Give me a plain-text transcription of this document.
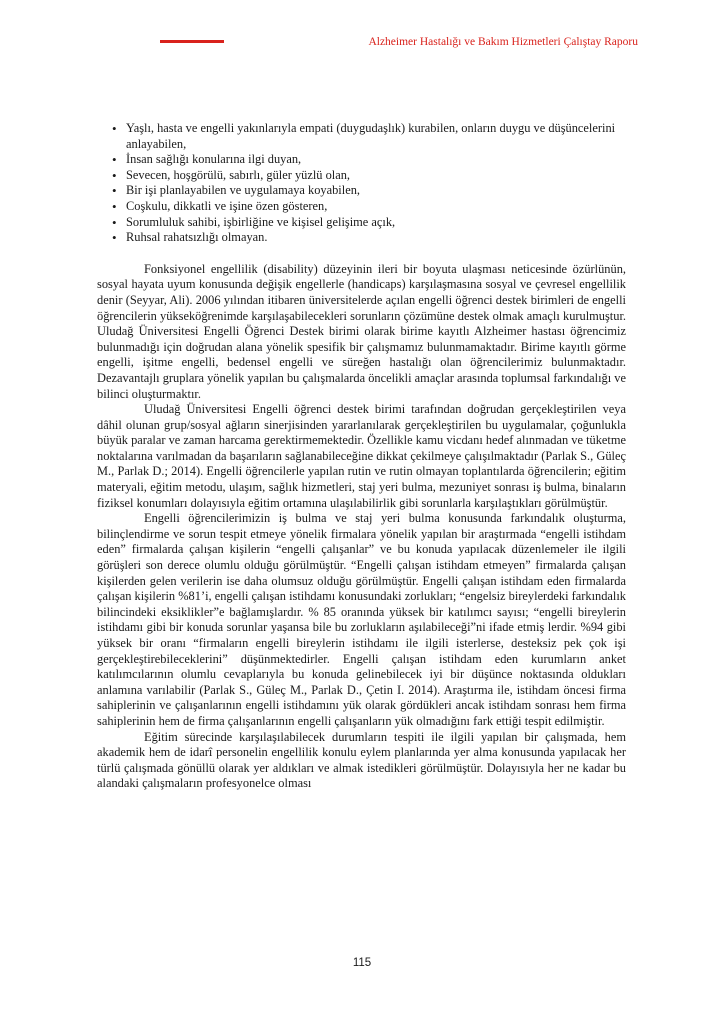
Alzheimer Hastalığı ve Bakım Hizmetleri Çalıştay Raporu
• Yaşlı, hasta ve engelli yakınlarıyla empati (duygudaşlık) kurabilen, onların duygu ve düşüncelerini anlayabilen,
• İnsan sağlığı konularına ilgi duyan,
• Sevecen, hoşgörülü, sabırlı, güler yüzlü olan,
• Bir işi planlayabilen ve uygulamaya koyabilen,
• Coşkulu, dikkatli ve işine özen gösteren,
• Sorumluluk sahibi, işbirliğine ve kişisel gelişime açık,
• Ruhsal rahatsızlığı olmayan.

Fonksiyonel engellilik (disability) düzeyinin ileri bir boyuta ulaşması neticesinde özürlünün, sosyal hayata uyum konusunda değişik engellerle (handicaps) karşılaşmasına sosyal ve çevresel engellilik denir (Seyyar, Ali). 2006 yılından itibaren üniversitelerde açılan engelli öğrenci destek birimleri de engelli öğrencilerin yükseköğrenimde karşılaşabilecekleri sorunların çözümüne destek olmak amaçlı kurulmuştur. Uludağ Üniversitesi Engelli Öğrenci Destek birimi olarak birime kayıtlı Alzheimer hastası öğrencimiz bulunmadığı için doğrudan alana yönelik spesifik bir çalışmamız bulunmamaktadır. Birime kayıtlı görme engelli, işitme engelli, bedensel engelli ve süreğen hastalığı olan öğrencilerimiz bulunmaktadır. Dezavantajlı gruplara yönelik yapılan bu çalışmalarda öncelikli amaçlar arasında toplumsal farkındalığı ve bilinci oluşturmaktır.

Uludağ Üniversitesi Engelli öğrenci destek birimi tarafından doğrudan gerçekleştirilen veya dâhil olunan grup/sosyal ağların sinerjisinden yararlanılarak gerçekleştirilen bu uygulamalar, çoğunlukla büyük paralar ve zaman harcama gerektirmemektedir. Özellikle kamu vicdanı hedef alınmadan ve tüketme noktalarına varılmadan da başarıların sağlanabileceğine dikkat çekilmeye çalışılmaktadır (Parlak S., Güleç M., Parlak D.; 2014). Engelli öğrencilerle yapılan rutin ve rutin olmayan toplantılarda öğrencilerin; eğitim materyali, eğitim metodu, ulaşım, sağlık hizmetleri, staj yeri bulma, mezuniyet sonrası iş bulma, binaların fiziksel konumları dolayısıyla eğitim ortamına ulaşılabilirlik gibi sorunlarla karşılaştıkları görülmüştür.

Engelli öğrencilerimizin iş bulma ve staj yeri bulma konusunda farkındalık oluşturma, bilinçlendirme ve sorun tespit etmeye yönelik firmalara yönelik yapılan bir araştırmada “engelli istihdam eden” firmalarda çalışan kişilerin “engelli çalışanlar” ve bu konuda yapılacak düzenlemeler ile ilgili görüşleri son derece olumlu olduğu görülmüştür. “Engelli çalışan istihdam etmeyen” firmalarda çalışan kişilerden gelen verilerin ise daha olumsuz olduğu görülmüştür. Engelli çalışan istihdam eden firmalarda çalışan kişilerin %81’i, engelli çalışan istihdamı konusundaki zorlukları; “engelsiz bireylerdeki farkındalık bilincindeki eksiklikler”e bağlamışlardır. % 85 oranında yüksek bir katılımcı sayısı; “engelli bireylerin istihdamı gibi bir konuda sorunlar yaşansa bile bu zorlukların aşılabileceği”ni ifade etmiş lerdir. %94 gibi yüksek bir oranı “firmaların engelli bireylerin istihdamı ile ilgili isterlerse, desteksiz pek çok işi gerçekleştirebileceklerini” düşünmektedirler. Engelli çalışan istihdam eden kurumların anket katılımcılarının olumlu cevaplarıyla bu konuda gelinebilecek iyi bir düşünce noktasında oldukları anlamına varılabilir (Parlak S., Güleç M., Parlak D., Çetin I. 2014). Araştırma ile, istihdam öncesi firma sahiplerinin ve çalışanlarının engelli istihdamını yük olarak gördükleri ancak istihdam sonrası hem firma sahiplerinin hem de firma çalışanlarının engelli çalışanların yük olmadığını fark ettiği tespit edilmiştir.

Eğitim sürecinde karşılaşılabilecek durumların tespiti ile ilgili yapılan bir çalışmada, hem akademik hem de idarî personelin engellilik konulu eylem planlarında yer alma konusunda yapılacak her türlü çalışmada gönüllü olarak yer aldıkları ve almak istedikleri görülmüştür. Dolayısıyla her ne kadar bu alandaki çalışmaların profesyonelce olması

115
